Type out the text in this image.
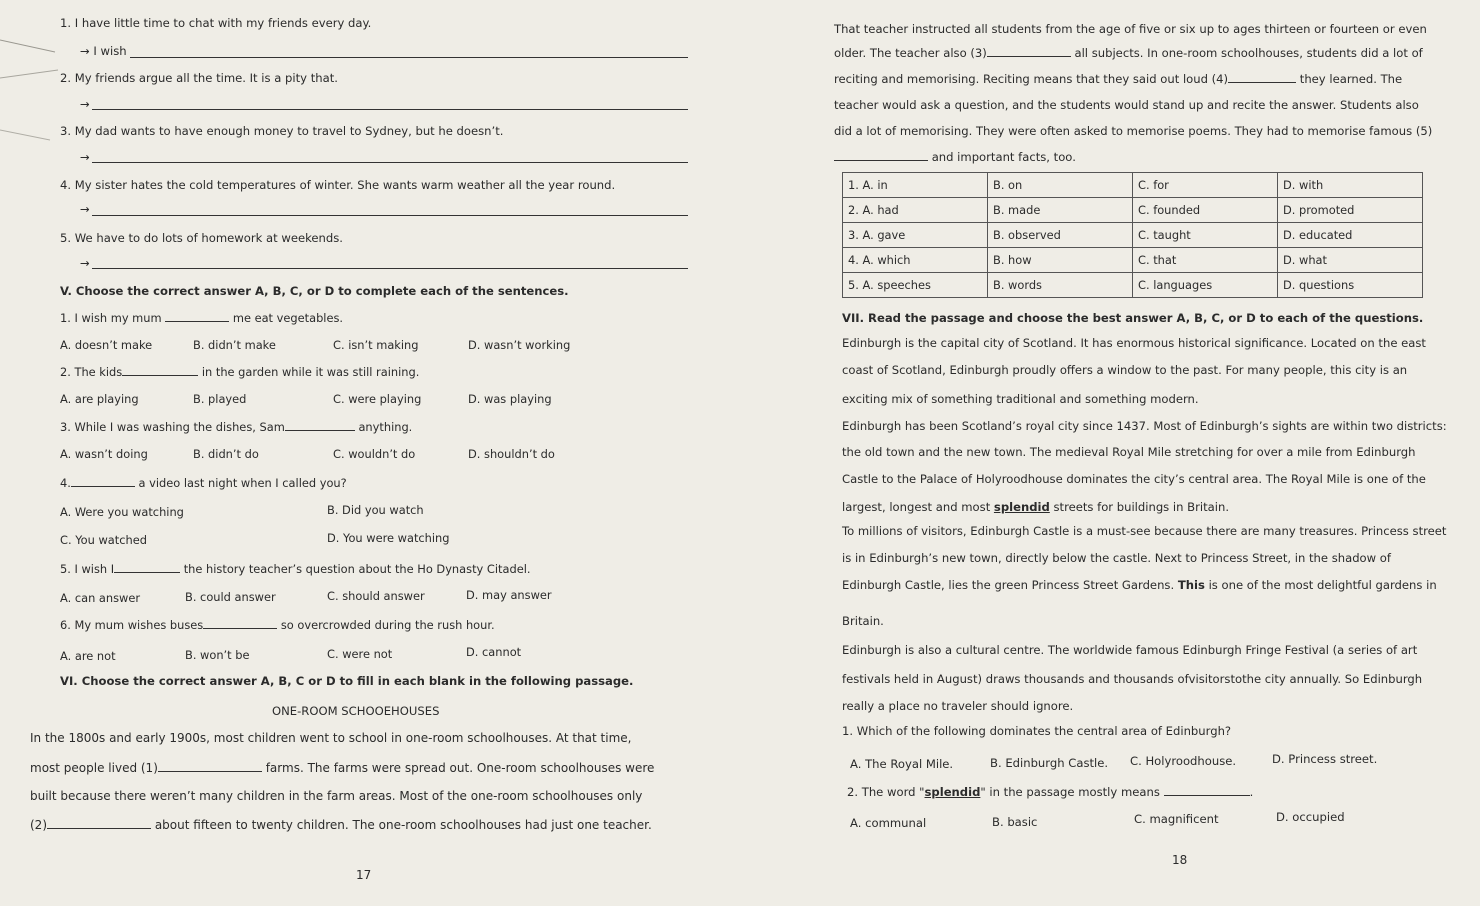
1. I have little time to chat with my friends every day.
→ I wish
2. My friends argue all the time. It is a pity that.
→
3. My dad wants to have enough money to travel to Sydney, but he doesn’t.
→
4. My sister hates the cold temperatures of winter. She wants warm weather all the year round.
→
5. We have to do lots of homework at weekends.
→
V. Choose the correct answer A, B, C, or D to complete each of the sentences.
1. I wish my mum	me eat vegetables.
A. doesn’t make	B. didn’t make	C. isn’t making	D. wasn’t working
2. The kids	in the garden while it was still raining.
A. are playing	B. played	C. were playing	D. was playing
3. While I was washing the dishes, Sam	anything.
A. wasn’t doing	B. didn’t do	C. wouldn’t do	D. shouldn’t do
4.	a video last night when I called you?
A. Were you watching	B. Did you watch
C. You watched	D. You were watching
5. I wish I	the history teacher’s question about the Ho Dynasty Citadel.
A. can answer	B. could answer	C. should answer	D. may answer
6. My mum wishes buses	so overcrowded during the rush hour.
A. are not	B. won’t be	C. were not	D. cannot
VI. Choose the correct answer A, B, C or D to fill in each blank in the following passage.
ONE-ROOM SCHOOEHOUSES
In the 1800s and early 1900s, most children went to school in one-room schoolhouses. At that time,
most people lived (1)	farms. The farms were spread out. One-room schoolhouses were
built because there weren’t many children in the farm areas. Most of the one-room schoolhouses only
(2)	about fifteen to twenty children. The one-room schoolhouses had just one teacher.
17
That teacher instructed all students from the age of five or six up to ages thirteen or fourteen or even
older. The teacher also (3)	all subjects. In one-room schoolhouses, students did a lot of
reciting and memorising. Reciting means that they said out loud (4)	they learned. The
teacher would ask a question, and the students would stand up and recite the answer. Students also
did a lot of memorising. They were often asked to memorise poems. They had to memorise famous (5)
and important facts, too.
1. A. in	B. on	C. for	D. with
2. A. had	B. made	C. founded	D. promoted
3. A. gave	B. observed	C. taught	D. educated
4. A. which	B. how	C. that	D. what
5. A. speeches	B. words	C. languages	D. questions
VII. Read the passage and choose the best answer A, B, C, or D to each of the questions.
Edinburgh is the capital city of Scotland. It has enormous historical significance. Located on the east
coast of Scotland, Edinburgh proudly offers a window to the past. For many people, this city is an
exciting mix of something traditional and something modern.
Edinburgh has been Scotland’s royal city since 1437. Most of Edinburgh’s sights are within two districts:
the old town and the new town. The medieval Royal Mile stretching for over a mile from Edinburgh
Castle to the Palace of Holyroodhouse dominates the city’s central area. The Royal Mile is one of the
largest, longest and most splendid streets for buildings in Britain.
To millions of visitors, Edinburgh Castle is a must-see because there are many treasures. Princess street
is in Edinburgh’s new town, directly below the castle. Next to Princess Street, in the shadow of
Edinburgh Castle, lies the green Princess Street Gardens. This is one of the most delightful gardens in
Britain.
Edinburgh is also a cultural centre. The worldwide famous Edinburgh Fringe Festival (a series of art
festivals held in August) draws thousands and thousands ofvisitorstothe city annually. So Edinburgh
really a place no traveler should ignore.
1. Which of the following dominates the central area of Edinburgh?
A. The Royal Mile.	B. Edinburgh Castle. C. Holyroodhouse.	D. Princess street.
2. The word "splendid" in the passage mostly means	.
A. communal	B. basic	C. magnificent	D. occupied
18
